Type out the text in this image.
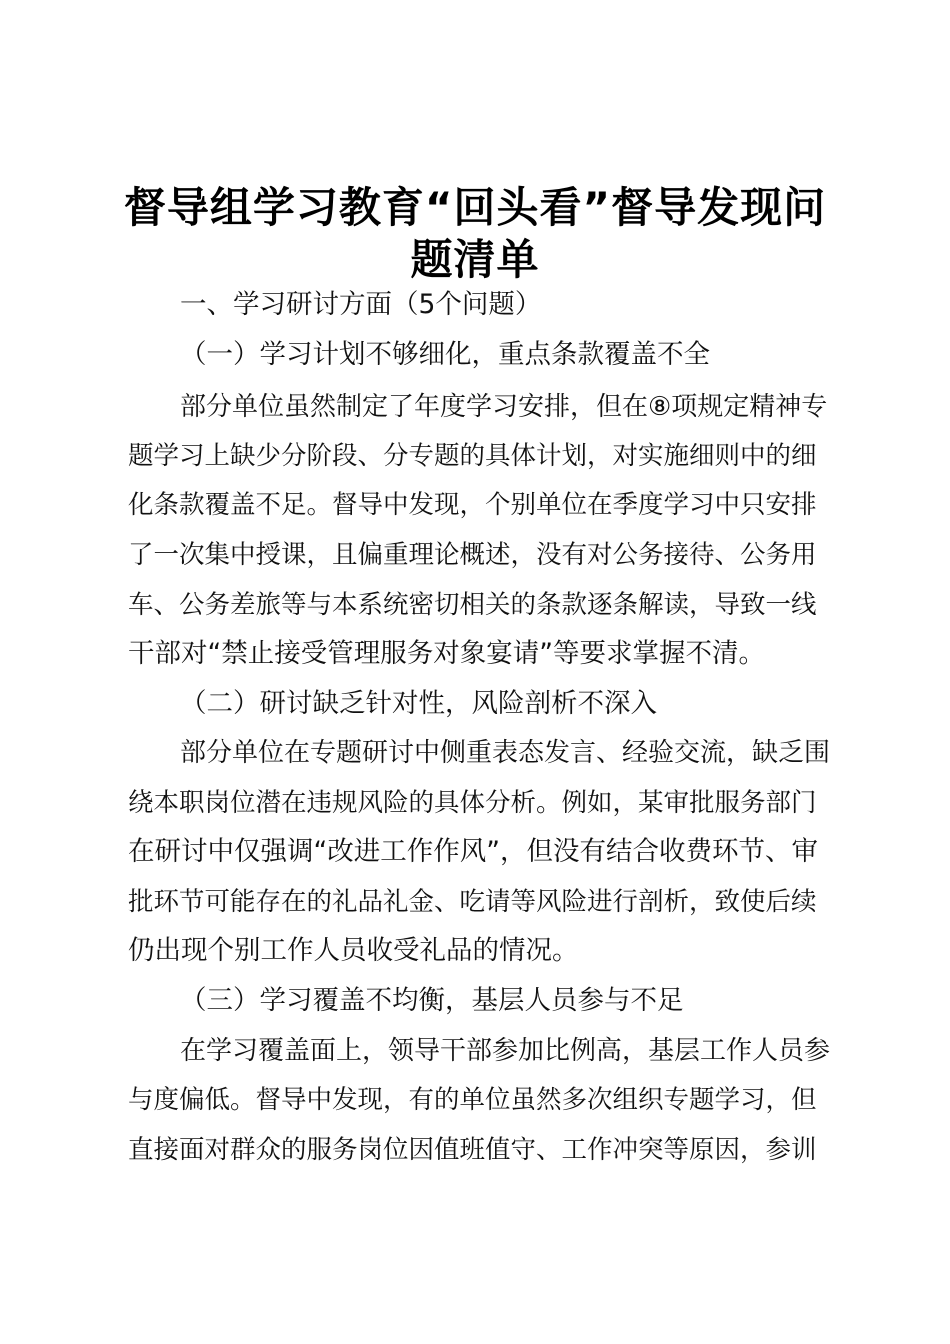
督导组学习教育“回头看”督导发现问
题清单

一、学习研讨方面（5个问题）

（一）学习计划不够细化，重点条款覆盖不全

部分单位虽然制定了年度学习安排，但在⑧项规定精神专

题学习上缺少分阶段、分专题的具体计划，对实施细则中的细

化条款覆盖不足。督导中发现，个别单位在季度学习中只安排

了一次集中授课，且偏重理论概述，没有对公务接待、公务用

车、公务差旅等与本系统密切相关的条款逐条解读，导致一线

干部对“禁止接受管理服务对象宴请”等要求掌握不清。

（二）研讨缺乏针对性，风险剖析不深入

部分单位在专题研讨中侧重表态发言、经验交流，缺乏围

绕本职岗位潜在违规风险的具体分析。例如，某审批服务部门

在研讨中仅强调“改进工作作风”，但没有结合收费环节、审

批环节可能存在的礼品礼金、吃请等风险进行剖析，致使后续

仍出现个别工作人员收受礼品的情况。

（三）学习覆盖不均衡，基层人员参与不足

在学习覆盖面上，领导干部参加比例高，基层工作人员参

与度偏低。督导中发现，有的单位虽然多次组织专题学习，但

直接面对群众的服务岗位因值班值守、工作冲突等原因，参训
